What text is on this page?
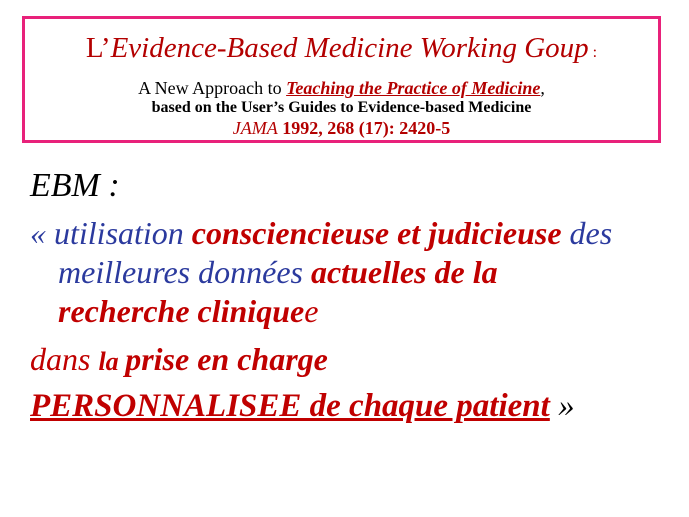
L’Evidence-Based Medicine Working Goup :
A New Approach to Teaching the Practice of Medicine,
based on the User’s Guides to Evidence-based Medicine
JAMA 1992, 268 (17): 2420-5
EBM :
« utilisation consciencieuse et judicieuse des
meilleures données actuelles de la
recherche cliniquee
dans la prise en charge
PERSONNALISEE de chaque patient »
